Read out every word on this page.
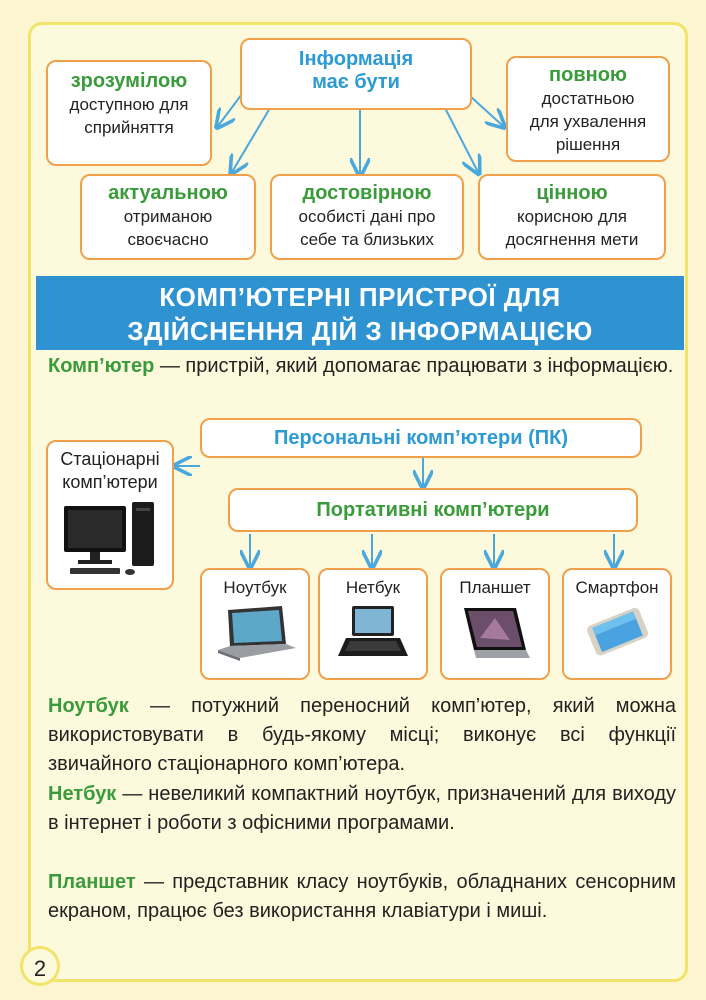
Інформація
має бути
зрозумілою
доступною для
сприйняття
повною
достатньою
для ухвалення
рішення
актуальною
отриманою
своєчасно
достовірною
особисті дані про
себе та близьких
цінною
корисною для
досягнення мети
КОМП’ЮТЕРНІ ПРИСТРОЇ ДЛЯ
ЗДІЙСНЕННЯ ДІЙ З ІНФОРМАЦІЄЮ
Комп’ютер — пристрій, який допомагає працювати з інформацією.
Персональні комп’ютери (ПК)
Стаціонарні
комп’ютери
Портативні комп’ютери
Ноутбук	Нетбук	Планшет	Смартфон
Ноутбук — потужний переносний комп’ютер, який можна використовувати в будь-якому місці; виконує всі функції звичайного стаціонарного комп’ютера.
Нетбук — невеликий компактний ноутбук, призначений для виходу в інтернет і роботи з офісними програмами.
Планшет — представник класу ноутбуків, обладнаних сенсорним екраном, працює без використання клавіатури і миші.
2
